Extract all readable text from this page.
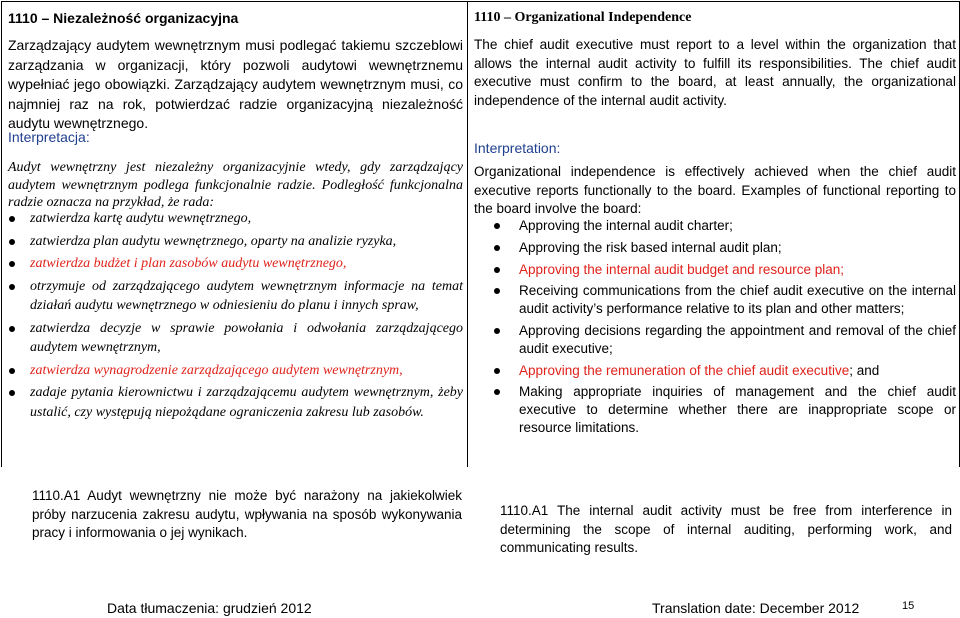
1110 – Niezależność organizacyjna

Zarządzający audytem wewnętrznym musi podlegać takiemu szczeblowi zarządzania w organizacji, który pozwoli audytowi wewnętrznemu wypełniać jego obowiązki. Zarządzający audytem wewnętrznym musi, co najmniej raz na rok, potwierdzać radzie organizacyjną niezależność audytu wewnętrznego.

Interpretacja:

Audyt wewnętrzny jest niezależny organizacyjnie wtedy, gdy zarządzający audytem wewnętrznym podlega funkcjonalnie radzie. Podległość funkcjonalna radzie oznacza na przykład, że rada:

zatwierdza kartę audytu wewnętrznego,
zatwierdza plan audytu wewnętrznego, oparty na analizie ryzyka,
zatwierdza budżet i plan zasobów audytu wewnętrznego,
otrzymuje od zarządzającego audytem wewnętrznym informacje na temat działań audytu wewnętrznego w odniesieniu do planu i innych spraw,
zatwierdza decyzje w sprawie powołania i odwołania zarządzającego audytem wewnętrznym,
zatwierdza wynagrodzenie zarządzającego audytem wewnętrznym,
zadaje pytania kierownictwu i zarządzającemu audytem wewnętrznym, żeby ustalić, czy występują niepożądane ograniczenia zakresu lub zasobów.
1110 – Organizational Independence

The chief audit executive must report to a level within the organization that allows the internal audit activity to fulfill its responsibilities. The chief audit executive must confirm to the board, at least annually, the organizational independence of the internal audit activity.

Interpretation:

Organizational independence is effectively achieved when the chief audit executive reports functionally to the board. Examples of functional reporting to the board involve the board:

Approving the internal audit charter;
Approving the risk based internal audit plan;
Approving the internal audit budget and resource plan;
Receiving communications from the chief audit executive on the internal audit activity’s performance relative to its plan and other matters;
Approving decisions regarding the appointment and removal of the chief audit executive;
Approving the remuneration of the chief audit executive; and
Making appropriate inquiries of management and the chief audit executive to determine whether there are inappropriate scope or resource limitations.

1110.A1 Audyt wewnętrzny nie może być narażony na jakiekolwiek próby narzucenia zakresu audytu, wpływania na sposób wykonywania pracy i informowania o jej wynikach.

1110.A1 The internal audit activity must be free from interference in determining the scope of internal auditing, performing work, and communicating results.

Data tłumaczenia: grudzień 2012	Translation date: December 2012	15
